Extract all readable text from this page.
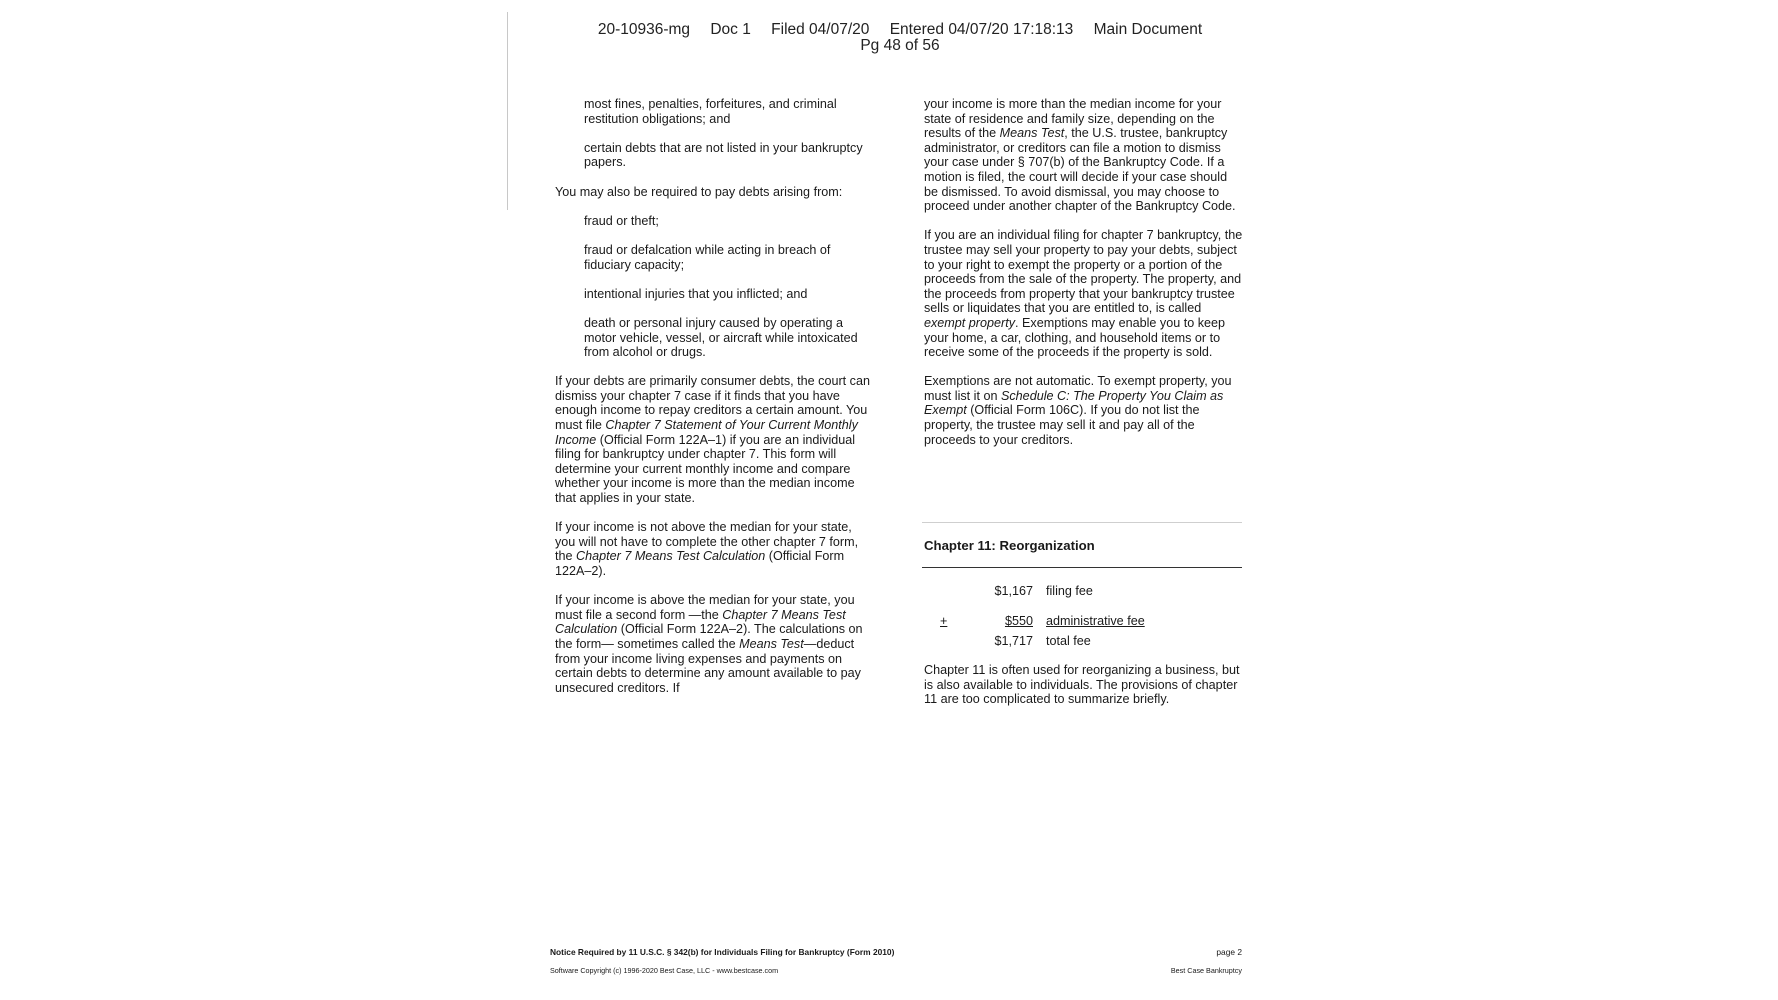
20-10936-mg Doc 1 Filed 04/07/20 Entered 04/07/20 17:18:13 Main Document
Pg 48 of 56

most fines, penalties, forfeitures, and criminal restitution obligations; and

certain debts that are not listed in your bankruptcy papers.

You may also be required to pay debts arising from:

fraud or theft;

fraud or defalcation while acting in breach of fiduciary capacity;

intentional injuries that you inflicted; and

death or personal injury caused by operating a motor vehicle, vessel, or aircraft while intoxicated from alcohol or drugs.

If your debts are primarily consumer debts, the court can dismiss your chapter 7 case if it finds that you have enough income to repay creditors a certain amount. You must file Chapter 7 Statement of Your Current Monthly Income (Official Form 122A–1) if you are an individual filing for bankruptcy under chapter 7. This form will determine your current monthly income and compare whether your income is more than the median income that applies in your state.

If your income is not above the median for your state, you will not have to complete the other chapter 7 form, the Chapter 7 Means Test Calculation (Official Form 122A–2).

If your income is above the median for your state, you must file a second form —the Chapter 7 Means Test Calculation (Official Form 122A–2). The calculations on the form— sometimes called the Means Test—deduct from your income living expenses and payments on certain debts to determine any amount available to pay unsecured creditors. If

your income is more than the median income for your state of residence and family size, depending on the results of the Means Test, the U.S. trustee, bankruptcy administrator, or creditors can file a motion to dismiss your case under § 707(b) of the Bankruptcy Code. If a motion is filed, the court will decide if your case should be dismissed. To avoid dismissal, you may choose to proceed under another chapter of the Bankruptcy Code.

If you are an individual filing for chapter 7 bankruptcy, the trustee may sell your property to pay your debts, subject to your right to exempt the property or a portion of the proceeds from the sale of the property. The property, and the proceeds from property that your bankruptcy trustee sells or liquidates that you are entitled to, is called exempt property. Exemptions may enable you to keep your home, a car, clothing, and household items or to receive some of the proceeds if the property is sold.

Exemptions are not automatic. To exempt property, you must list it on Schedule C: The Property You Claim as Exempt (Official Form 106C). If you do not list the property, the trustee may sell it and pay all of the proceeds to your creditors.

Chapter 11: Reorganization
$1,167 filing fee
+	$550 administrative fee
$1,717 total fee
Chapter 11 is often used for reorganizing a business, but is also available to individuals. The provisions of chapter 11 are too complicated to summarize briefly.
Notice Required by 11 U.S.C. § 342(b) for Individuals Filing for Bankruptcy (Form 2010)	page 2
Software Copyright (c) 1996-2020 Best Case, LLC - www.bestcase.com	Best Case Bankruptcy
